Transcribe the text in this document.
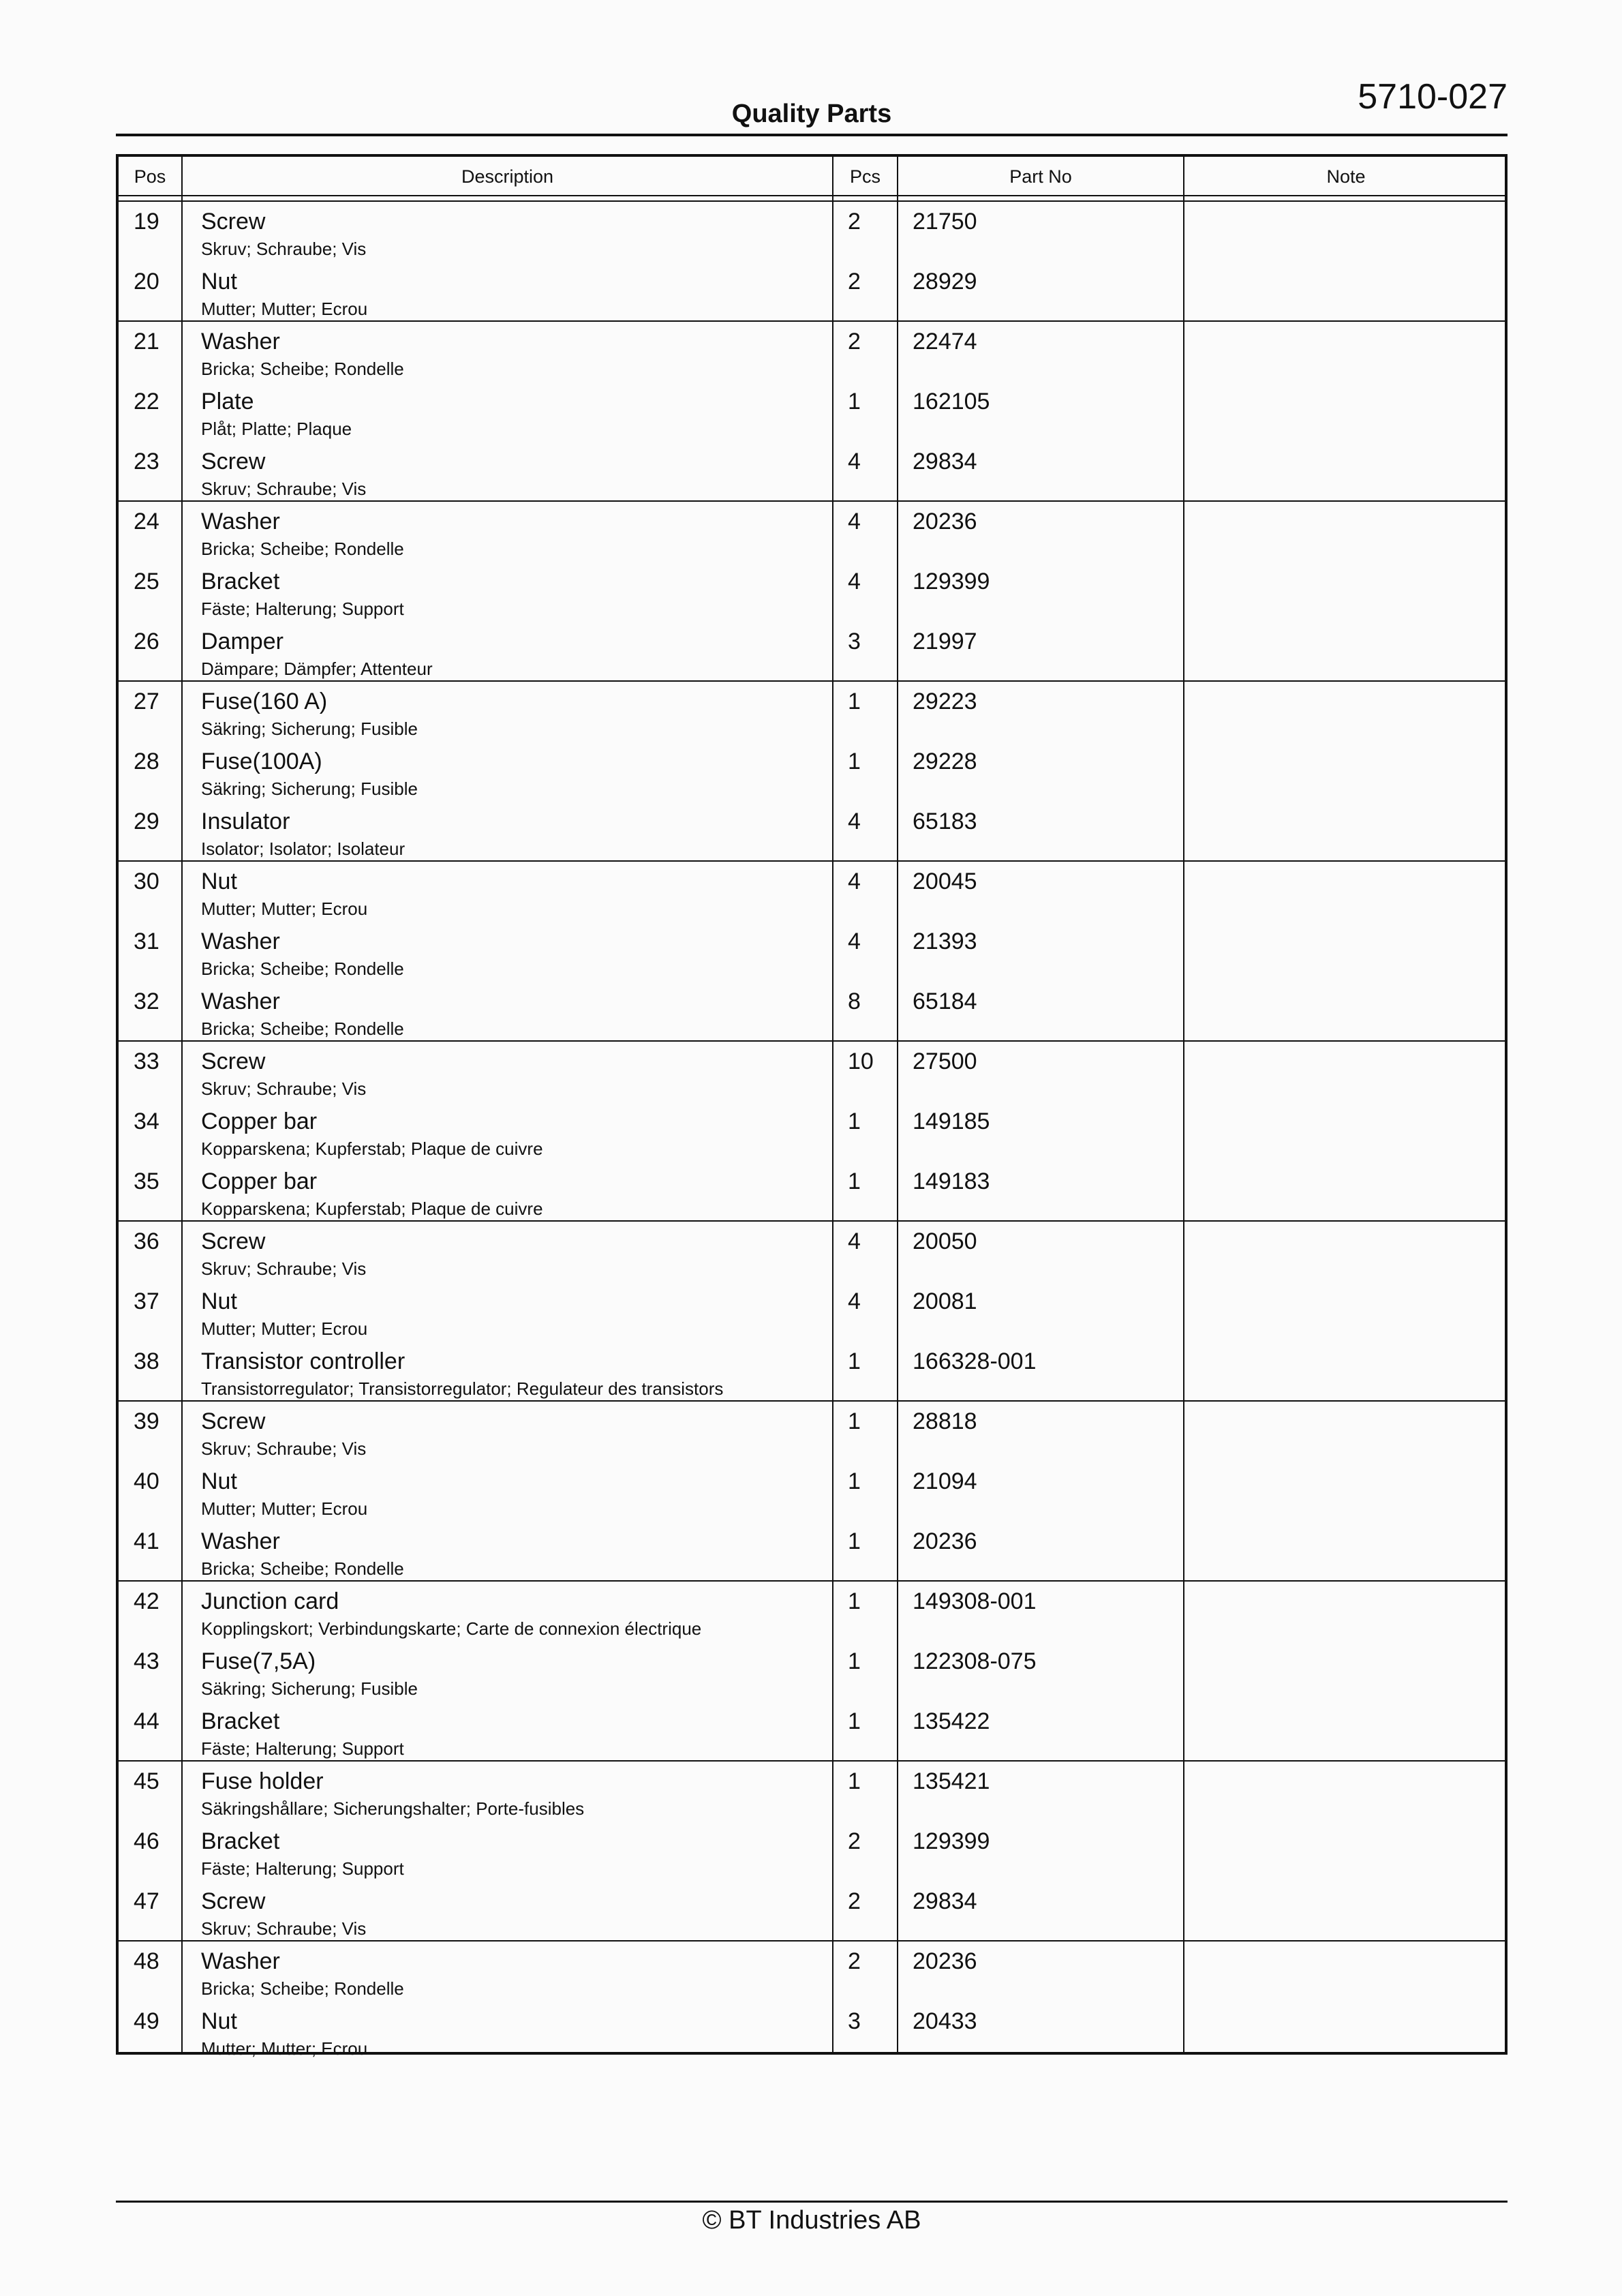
5710-027
Quality Parts
Pos	Description	Pcs	Part No	Note
19 Screw
Skruv; Schraube; Vis
2 21750
20 Nut
Mutter; Mutter; Ecrou
2 28929
21 Washer
Bricka; Scheibe; Rondelle
2 22474
22 Plate
Plåt; Platte; Plaque
1 162105
23 Screw
Skruv; Schraube; Vis
4 29834
24 Washer
Bricka; Scheibe; Rondelle
4 20236
25 Bracket
Fäste; Halterung; Support
4 129399
26 Damper
Dämpare; Dämpfer; Attenteur
3 21997
27 Fuse(160 A)
Säkring; Sicherung; Fusible
1 29223
28 Fuse(100A)
Säkring; Sicherung; Fusible
1 29228
29 Insulator
Isolator; Isolator; Isolateur
4 65183
30 Nut
Mutter; Mutter; Ecrou
4 20045
31 Washer
Bricka; Scheibe; Rondelle
4 21393
32 Washer
Bricka; Scheibe; Rondelle
8 65184
33 Screw
Skruv; Schraube; Vis
10 27500
34 Copper bar
Kopparskena; Kupferstab; Plaque de cuivre
1 149185
35 Copper bar
Kopparskena; Kupferstab; Plaque de cuivre
1 149183
36 Screw
Skruv; Schraube; Vis
4 20050
37 Nut
Mutter; Mutter; Ecrou
4 20081
38 Transistor controller
Transistorregulator; Transistorregulator; Regulateur des transistors
1 166328-001
39 Screw
Skruv; Schraube; Vis
1 28818
40 Nut
Mutter; Mutter; Ecrou
1 21094
41 Washer
Bricka; Scheibe; Rondelle
1 20236
42 Junction card
Kopplingskort; Verbindungskarte; Carte de connexion électrique
1 149308-001
43 Fuse(7,5A)
Säkring; Sicherung; Fusible
1 122308-075
44 Bracket
Fäste; Halterung; Support
1 135422
45 Fuse holder
Säkringshållare; Sicherungshalter; Porte-fusibles
1 135421
46 Bracket
Fäste; Halterung; Support
2 129399
47 Screw
Skruv; Schraube; Vis
2 29834
48 Washer
Bricka; Scheibe; Rondelle
2 20236
49 Nut
Mutter; Mutter; Ecrou
3 20433
© BT Industries AB
